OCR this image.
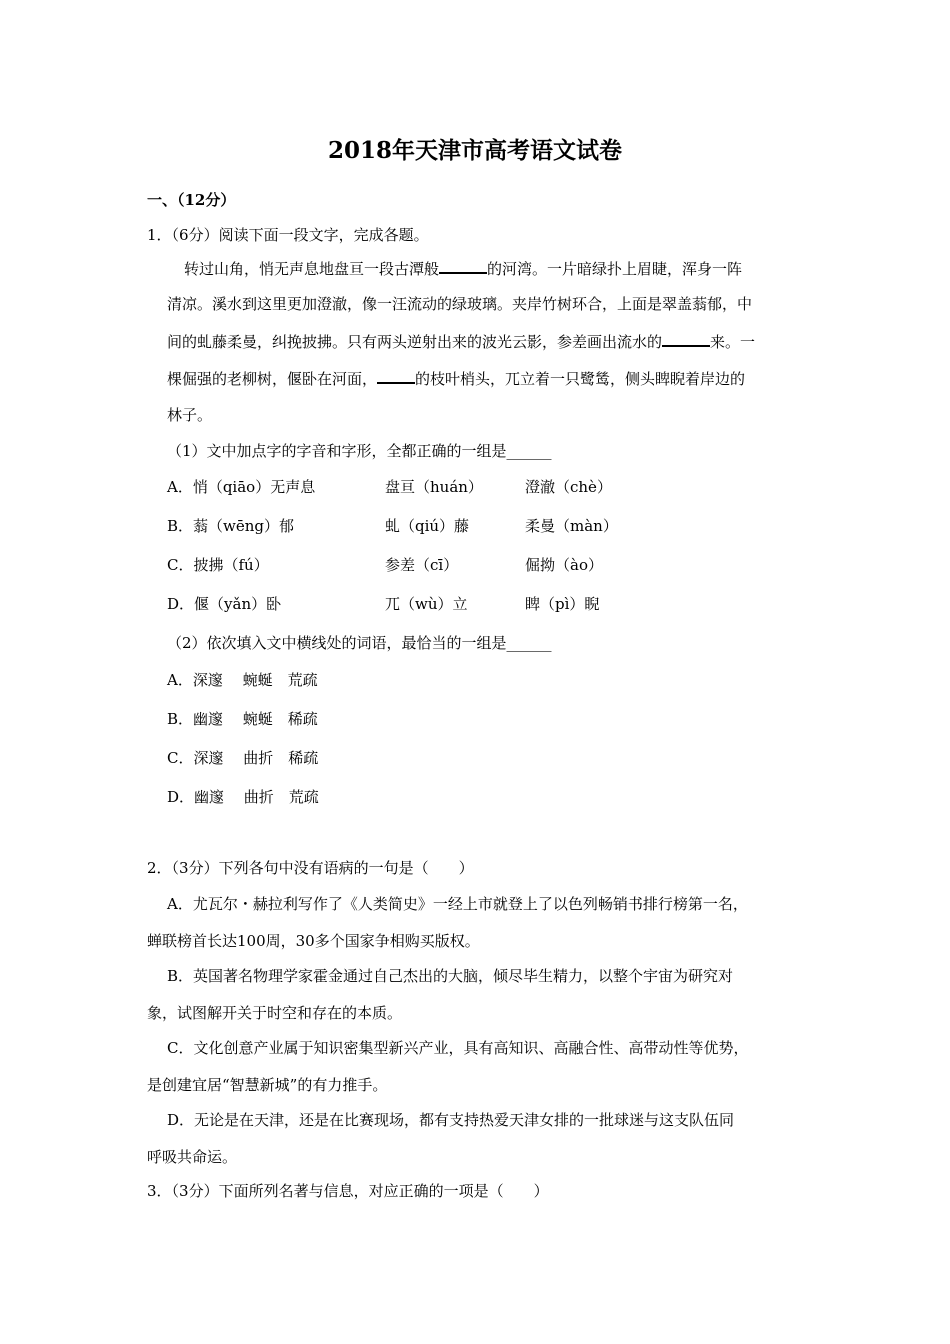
2018年天津市高考语文试卷
一、（12分）
1．（6分）阅读下面一段文字，完成各题。
转过山角，悄无声息地盘亘一段古潭般	的河湾。一片暗绿扑上眉睫，浑身一阵
清凉。溪水到这里更加澄澈，像一汪流动的绿玻璃。夹岸竹树环合，上面是翠盖蓊郁，中
间的虬藤柔曼，纠挽披拂。只有两头逆射出来的波光云影，参差画出流水的	来。一
棵倔强的老柳树，偃卧在河面，	的枝叶梢头，兀立着一只鹭鸶，侧头睥睨着岸边的
林子。
（1）文中加点字的字音和字形，全都正确的一组是______
A．悄（qiāo）无声息	盘亘（huán）	澄澈（chè）
B．蓊（wēng）郁	虬（qiú）藤	柔曼（màn）
C．披拂（fú）	参差（cī）	倔拗（ào）
D．偃（yǎn）卧	兀（wù）立	睥（pì）睨
（2）依次填入文中横线处的词语，最恰当的一组是______
A．深邃　 蜿蜒　荒疏
B．幽邃　 蜿蜒　稀疏
C．深邃　 曲折　稀疏
D．幽邃　 曲折　荒疏
2．（3分）下列各句中没有语病的一句是（　　）
A．尤瓦尔・赫拉利写作了《人类简史》一经上市就登上了以色列畅销书排行榜第一名，
蝉联榜首长达100周，30多个国家争相购买版权。
B．英国著名物理学家霍金通过自己杰出的大脑，倾尽毕生精力，以整个宇宙为研究对
象，试图解开关于时空和存在的本质。
C．文化创意产业属于知识密集型新兴产业，具有高知识、高融合性、高带动性等优势，
是创建宜居“智慧新城”的有力推手。
D．无论是在天津，还是在比赛现场，都有支持热爱天津女排的一批球迷与这支队伍同
呼吸共命运。
3．（3分）下面所列名著与信息，对应正确的一项是（　　）
